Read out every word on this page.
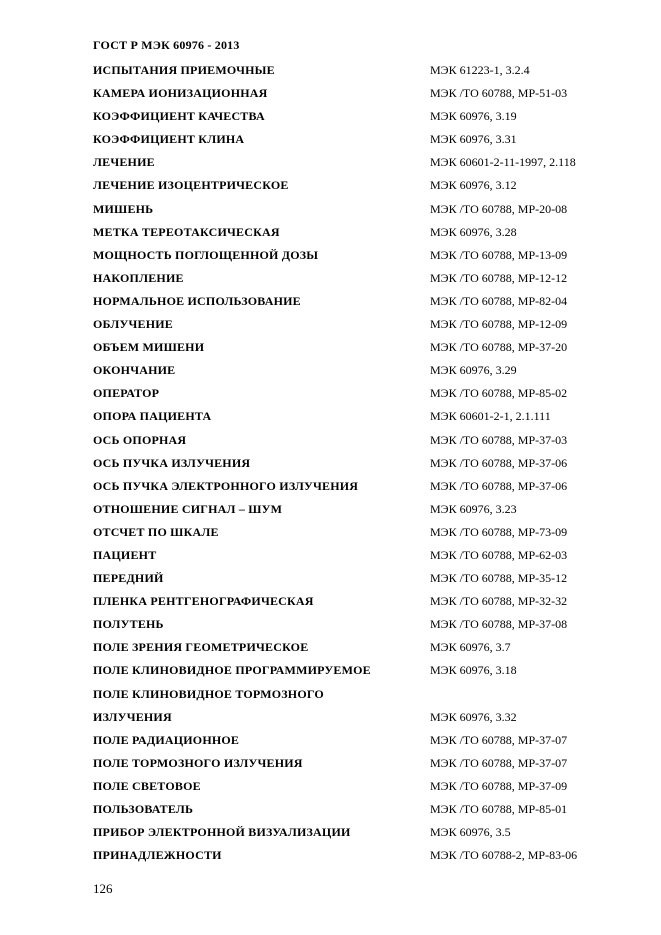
ГОСТ Р МЭК 60976 - 2013
ИСПЫТАНИЯ ПРИЕМОЧНЫЕ	МЭК 61223-1, 3.2.4
КАМЕРА ИОНИЗАЦИОННАЯ	МЭК /ТО 60788, МР-51-03
КОЭФФИЦИЕНТ КАЧЕСТВА	МЭК 60976, 3.19
КОЭФФИЦИЕНТ КЛИНА	МЭК 60976, 3.31
ЛЕЧЕНИЕ	МЭК 60601-2-11-1997, 2.118
ЛЕЧЕНИЕ ИЗОЦЕНТРИЧЕСКОЕ	МЭК 60976, 3.12
МИШЕНЬ	МЭК /ТО 60788, МР-20-08
МЕТКА ТЕРЕОТАКСИЧЕСКАЯ	МЭК 60976, 3.28
МОЩНОСТЬ ПОГЛОЩЕННОЙ ДОЗЫ	МЭК /ТО 60788, МР-13-09
НАКОПЛЕНИЕ	МЭК /ТО 60788, МР-12-12
НОРМАЛЬНОЕ ИСПОЛЬЗОВАНИЕ	МЭК /ТО 60788, МР-82-04
ОБЛУЧЕНИЕ	МЭК /ТО 60788, МР-12-09
ОБЪЕМ МИШЕНИ	МЭК /ТО 60788, МР-37-20
ОКОНЧАНИЕ	МЭК 60976, 3.29
ОПЕРАТОР	МЭК /ТО 60788, МР-85-02
ОПОРА ПАЦИЕНТА	МЭК 60601-2-1, 2.1.111
ОСЬ ОПОРНАЯ	МЭК /ТО 60788, МР-37-03
ОСЬ ПУЧКА ИЗЛУЧЕНИЯ	МЭК /ТО 60788, МР-37-06
ОСЬ ПУЧКА ЭЛЕКТРОННОГО ИЗЛУЧЕНИЯ	МЭК /ТО 60788, МР-37-06
ОТНОШЕНИЕ СИГНАЛ – ШУМ	МЭК 60976, 3.23
ОТСЧЕТ ПО ШКАЛЕ	МЭК /ТО 60788, МР-73-09
ПАЦИЕНТ	МЭК /ТО 60788, МР-62-03
ПЕРЕДНИЙ	МЭК /ТО 60788, МР-35-12
ПЛЕНКА РЕНТГЕНОГРАФИЧЕСКАЯ	МЭК /ТО 60788, МР-32-32
ПОЛУТЕНЬ	МЭК /ТО 60788, МР-37-08
ПОЛЕ ЗРЕНИЯ ГЕОМЕТРИЧЕСКОЕ	МЭК 60976, 3.7
ПОЛЕ КЛИНОВИДНОЕ ПРОГРАММИРУЕМОЕ	МЭК 60976, 3.18
ПОЛЕ КЛИНОВИДНОЕ ТОРМОЗНОГО
ИЗЛУЧЕНИЯ	МЭК 60976, 3.32
ПОЛЕ РАДИАЦИОННОЕ	МЭК /ТО 60788, МР-37-07
ПОЛЕ ТОРМОЗНОГО ИЗЛУЧЕНИЯ	МЭК /ТО 60788, МР-37-07
ПОЛЕ СВЕТОВОЕ	МЭК /ТО 60788, МР-37-09
ПОЛЬЗОВАТЕЛЬ	МЭК /ТО 60788, МР-85-01
ПРИБОР ЭЛЕКТРОННОЙ ВИЗУАЛИЗАЦИИ	МЭК 60976, 3.5
ПРИНАДЛЕЖНОСТИ	МЭК /ТО 60788-2, МР-83-06
126
